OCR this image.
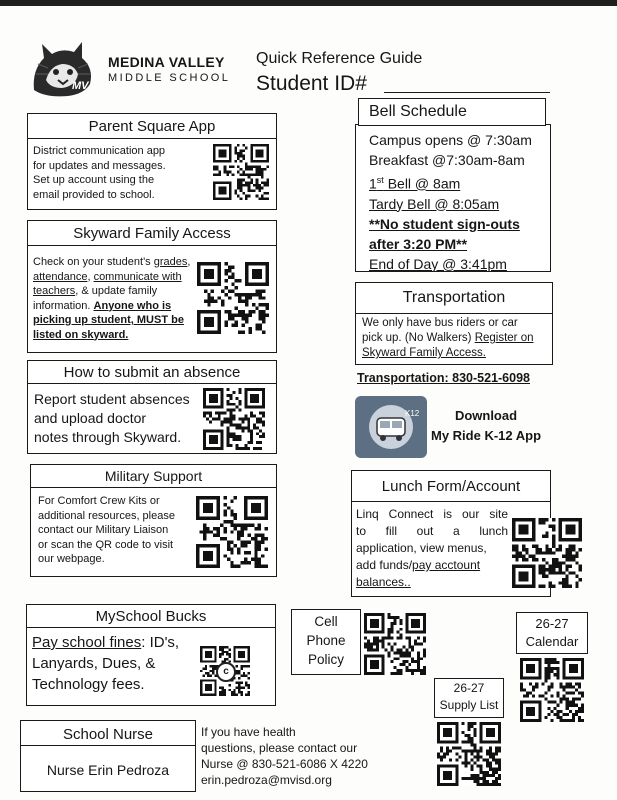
MV
MEDINA VALLEY
MIDDLE SCHOOL
Quick Reference Guide
Student ID#
Parent Square App
District communication app
for updates and messages.
Set up account using the
email provided to school.
Skyward Family Access
Check on your student's grades,
attendance, communicate with
teachers, & update family
information. Anyone who is
picking up student, MUST be
listed on skyward.
How to submit an absence
Report student absences
and upload doctor
notes through Skyward.
Military Support
For Comfort Crew Kits or
additional resources, please
contact our Military Liaison
or scan the QR code to visit
our webpage.
MySchool Bucks
Pay school fines: ID's,
Lanyards, Dues, &
Technology fees.
c
School Nurse
Nurse Erin Pedroza
If you have health
questions, please contact our
Nurse @ 830-521-6086 X 4220
erin.pedroza@mvisd.org
Bell Schedule
Campus opens @ 7:30am
Breakfast @7:30am-8am
1st Bell @ 8am
Tardy Bell @ 8:05am
**No student sign-outs
after 3:20 PM**
End of Day @ 3:41pm
Transportation
We only have bus riders or car
pick up. (No Walkers) Register on
Skyward Family Access.
Transportation: 830-521-6098
K12	Download
My Ride K-12 App
Lunch Form/Account
Linq Connect is our site
to fill out a lunch
application, view menus,
add funds/pay acctount
balances..
Cell
Phone
Policy
26-27
Calendar
26-27
Supply List
